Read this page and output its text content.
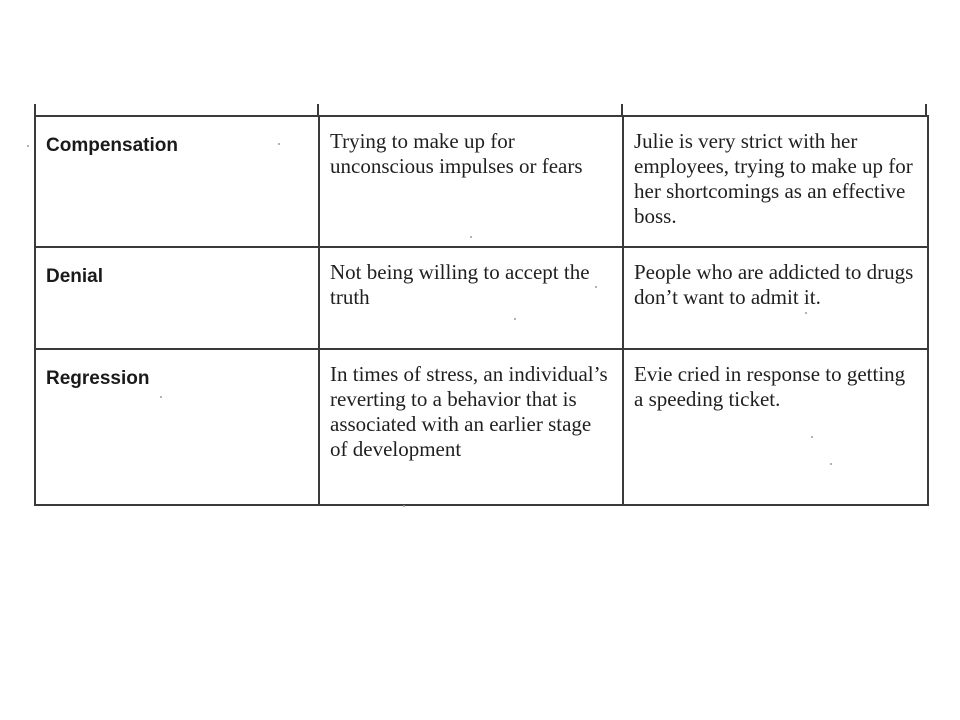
Compensation	Trying to make up for unconscious impulses or fears	Julie is very strict with her employees, trying to make up for her shortcomings as an effective boss.
Denial	Not being willing to accept the truth	People who are addicted to drugs don’t want to admit it.
Regression	In times of stress, an individual’s reverting to a behavior that is associated with an earlier stage of development	Evie cried in response to getting a speeding ticket.
